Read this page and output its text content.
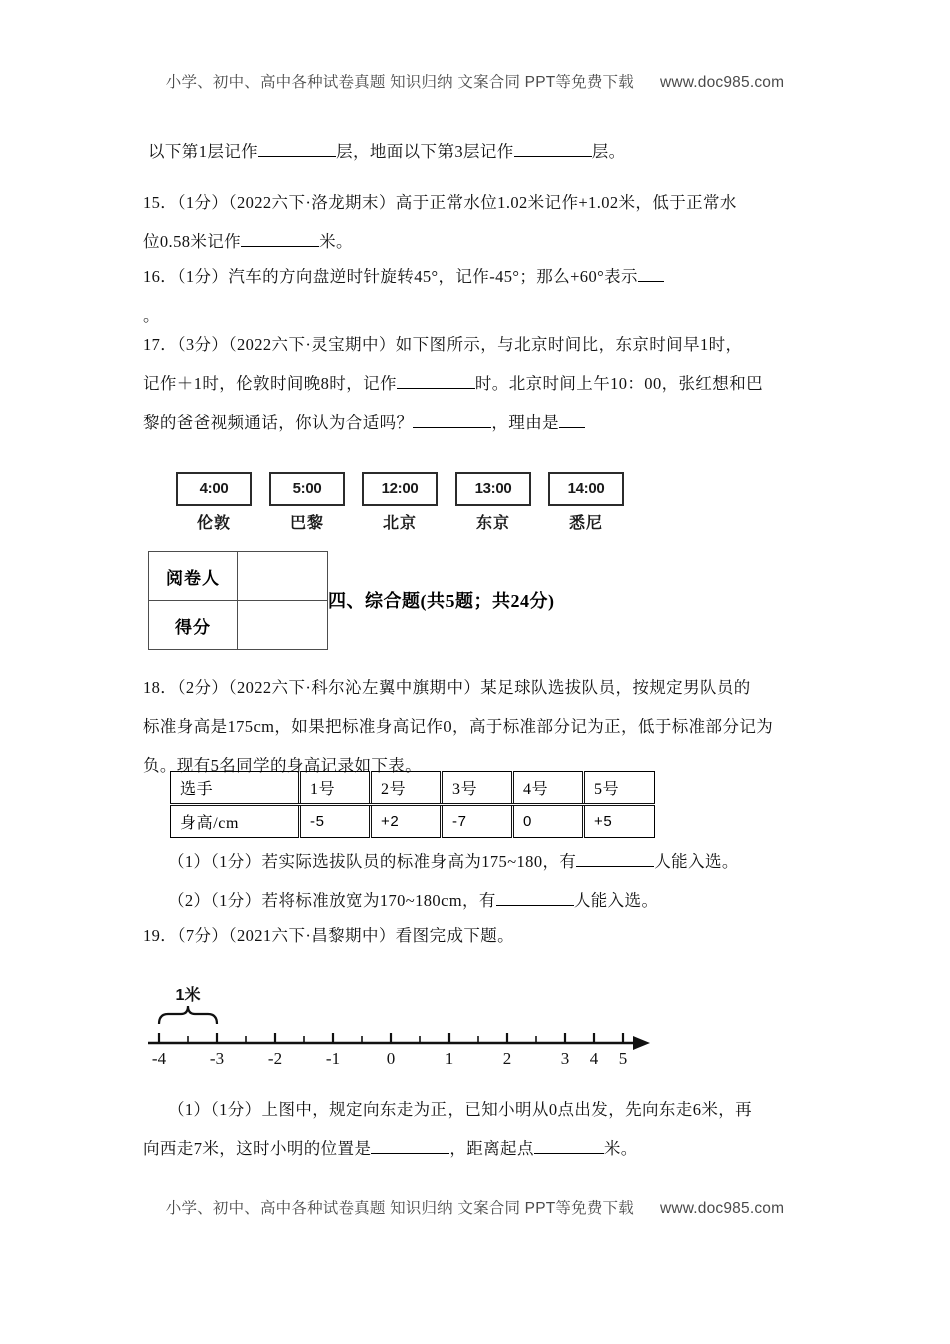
小学、初中、高中各种试卷真题 知识归纳 文案合同 PPT等免费下载 www.doc985.com
以下第1层记作	层，地面以下第3层记作	层。
15．（1分）（2022六下·洛龙期末）高于正常水位1.02米记作+1.02米，低于正常水
位0.58米记作	米。
16．（1分）汽车的方向盘逆时针旋转45°，记作-45°；那么+60°表示
。
17．（3分）（2022六下·灵宝期中）如下图所示，与北京时间比，东京时间早1时，
记作＋1时，伦敦时间晚8时，记作	时。北京时间上午10：00，张红想和巴
黎的爸爸视频通话，你认为合适吗？	，理由是
4:00
伦敦
5:00
巴黎
12:00
北京
13:00
东京
14:00
悉尼
阅卷人	
得分	
四、综合题(共5题；共24分)
18．（2分）（2022六下·科尔沁左翼中旗期中）某足球队选拔队员，按规定男队员的
标准身高是175cm，如果把标准身高记作0，高于标准部分记为正，低于标准部分记为
负。现有5名同学的身高记录如下表。
选手	1号	2号	3号	4号	5号
身高/cm	-5	+2	-7	0	+5
（1）（1分）若实际选拔队员的标准身高为175~180，有	人能入选。
（2）（1分）若将标准放宽为170~180cm，有	人能入选。
19．（7分）（2021六下·昌黎期中）看图完成下题。
1米
-4	-3	-2	-1	0	1	2	3 4 5
（1）（1分）上图中，规定向东走为正，已知小明从0点出发，先向东走6米，再
向西走7米，这时小明的位置是	，距离起点	米。
小学、初中、高中各种试卷真题 知识归纳 文案合同 PPT等免费下载 www.doc985.com
